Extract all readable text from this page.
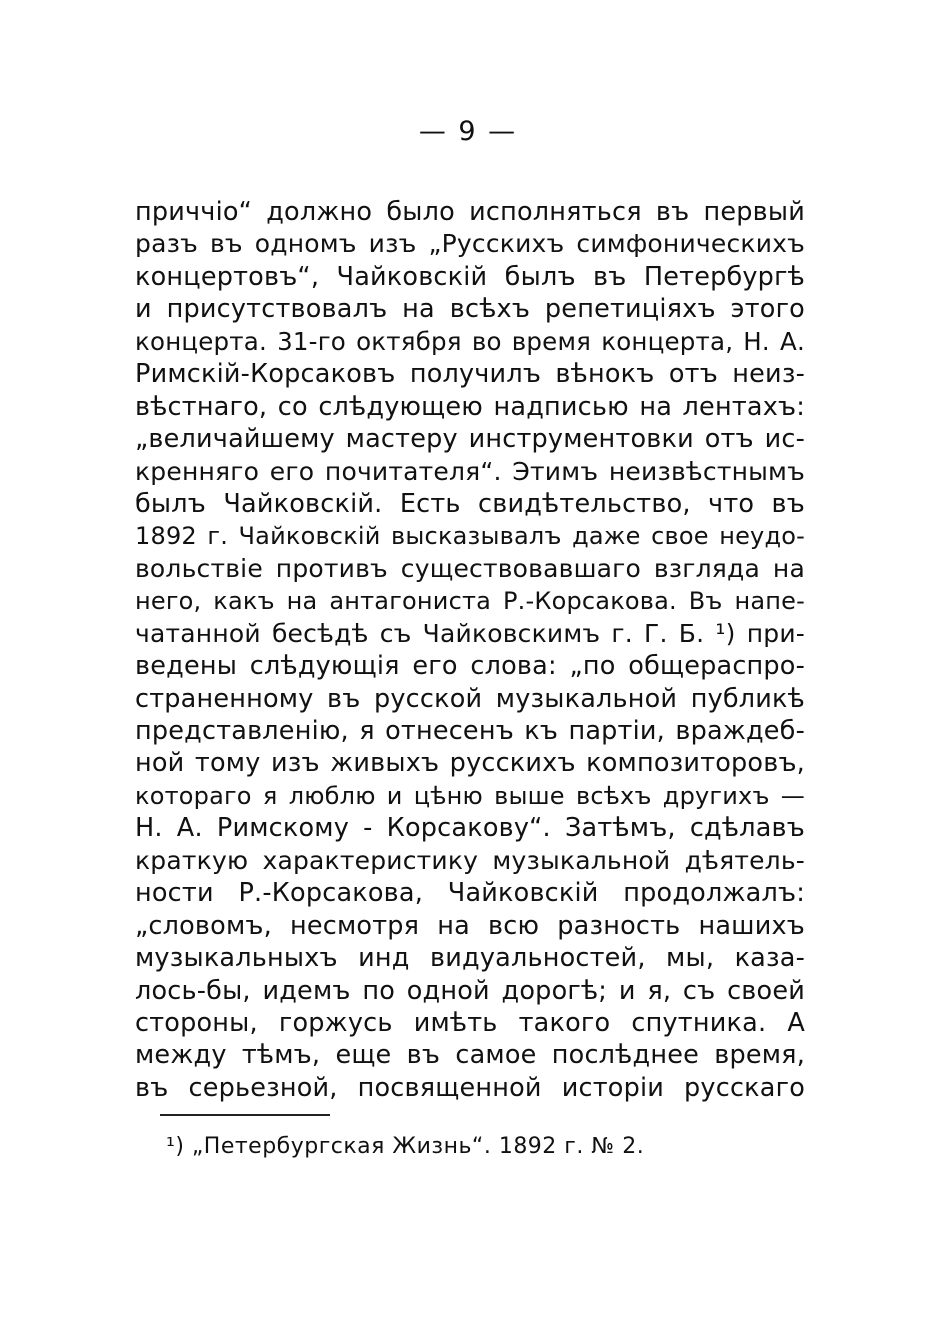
— 9 —
приччіо“ должно было исполняться въ первый
разъ въ одномъ изъ „Русскихъ симфоническихъ
концертовъ“, Чайковскій былъ въ Петербургѣ
и присутствовалъ на всѣхъ репетиціяхъ этого
концерта. 31-го октября во время концерта, Н. А.
Римскій-Корсаковъ получилъ вѣнокъ отъ неиз-
вѣстнаго, со слѣдующею надписью на лентахъ:
„величайшему мастеру инструментовки отъ ис-
кренняго его почитателя“. Этимъ неизвѣстнымъ
былъ Чайковскій. Есть свидѣтельство, что въ
1892 г. Чайковскій высказывалъ даже свое неудо-
вольствіе противъ существовавшаго взгляда на
него, какъ на антагониста Р.-Корсакова. Въ напе-
чатанной бесѣдѣ съ Чайковскимъ г. Г. Б. ¹) при-
ведены слѣдующія его слова: „по общераспро-
страненному въ русской музыкальной публикѣ
представленію, я отнесенъ къ партіи, враждеб-
ной тому изъ живыхъ русскихъ композиторовъ,
котораго я люблю и цѣню выше всѣхъ другихъ —
Н. А. Римскому - Корсакову“. Затѣмъ, сдѣлавъ
краткую характеристику музыкальной дѣятель-
ности Р.-Корсакова, Чайковскій продолжалъ:
„словомъ, несмотря на всю разность нашихъ
музыкальныхъ инд видуальностей, мы, каза-
лось-бы, идемъ по одной дорогѣ; и я, съ своей
стороны, горжусь имѣть такого спутника. А
между тѣмъ, еще въ самое послѣднее время,
въ серьезной, посвященной исторіи русскаго
¹) „Петербургская Жизнь“. 1892 г. № 2.
